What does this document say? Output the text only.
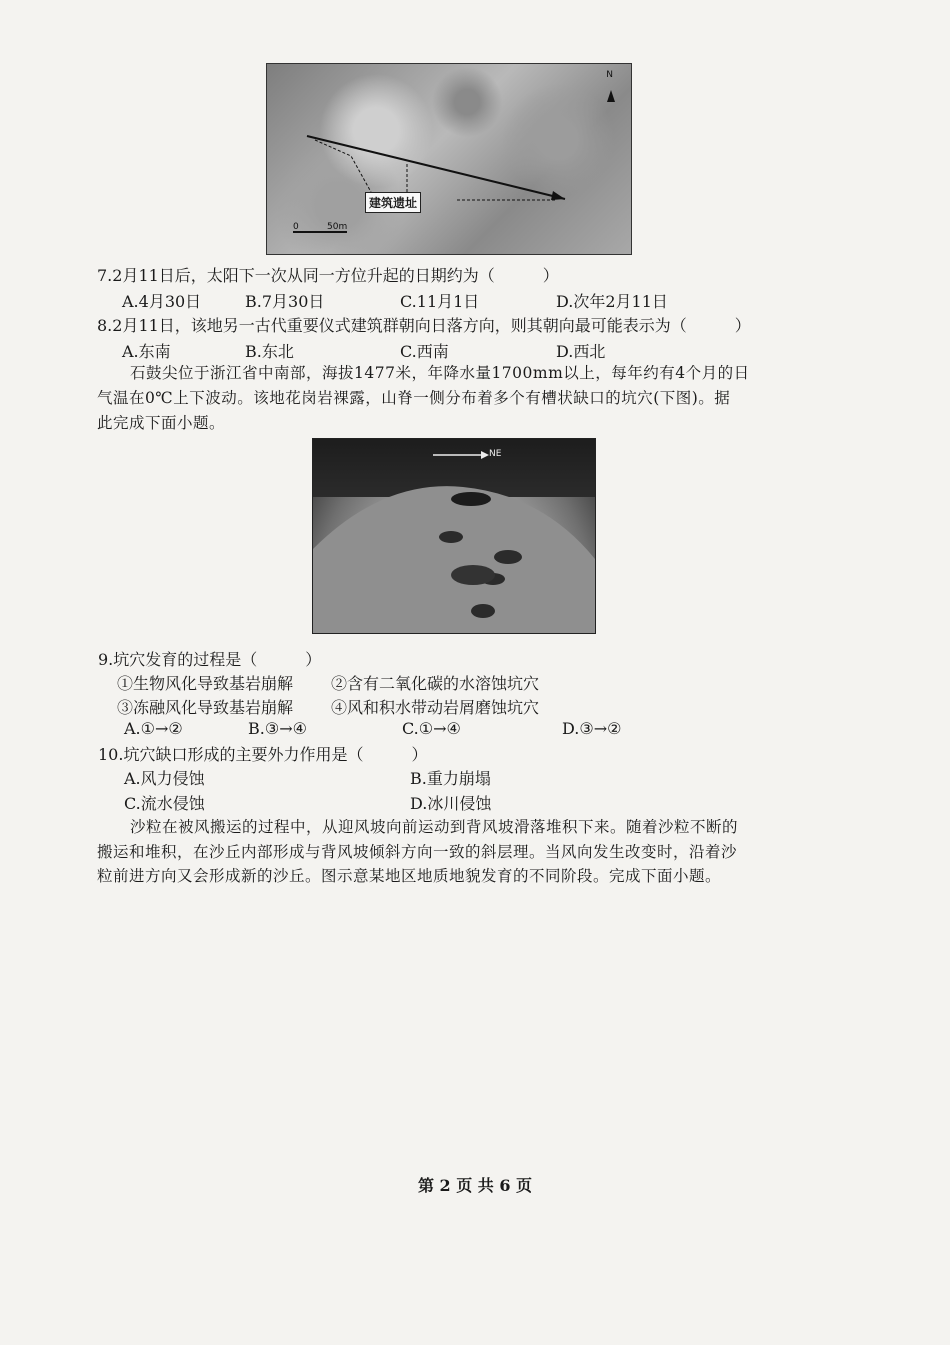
N
建筑遗址
0	50m
7.2月11日后，太阳下一次从同一方位升起的日期约为（　　　）
A.4月30日	B.7月30日	C.11月1日	D.次年2月11日
8.2月11日，该地另一古代重要仪式建筑群朝向日落方向，则其朝向最可能表示为（　　　）
A.东南	B.东北	C.西南	D.西北
石鼓尖位于浙江省中南部，海拔1477米，年降水量1700mm以上，每年约有4个月的日
气温在0℃上下波动。该地花岗岩裸露，山脊一侧分布着多个有槽状缺口的坑穴(下图)。据
此完成下面小题。
NE
9.坑穴发育的过程是（　　　）
①生物风化导致基岩崩解 ②含有二氧化碳的水溶蚀坑穴
③冻融风化导致基岩崩解 ④风和积水带动岩屑磨蚀坑穴
A.①→②	B.③→④	C.①→④	D.③→②
10.坑穴缺口形成的主要外力作用是（　　　）
A.风力侵蚀	B.重力崩塌
C.流水侵蚀	D.冰川侵蚀
沙粒在被风搬运的过程中，从迎风坡向前运动到背风坡滑落堆积下来。随着沙粒不断的
搬运和堆积，在沙丘内部形成与背风坡倾斜方向一致的斜层理。当风向发生改变时，沿着沙
粒前进方向又会形成新的沙丘。图示意某地区地质地貌发育的不同阶段。完成下面小题。
第 2 页 共 6 页
